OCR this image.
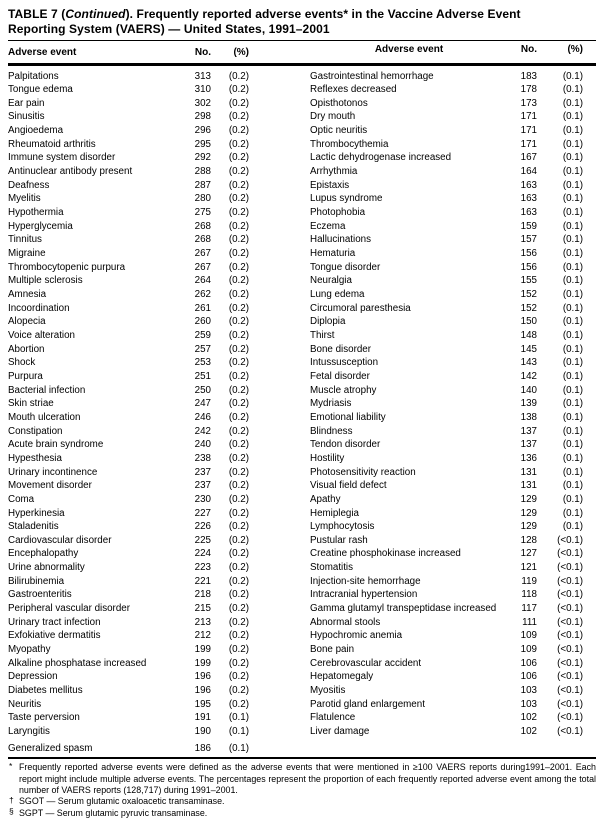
TABLE 7 (Continued). Frequently reported adverse events* in the Vaccine Adverse Event
Reporting System (VAERS) — United States, 1991–2001
Adverse event	No.	(%)	Adverse event	No.	(%)
Palpitations	313	(0.2)
Tongue edema	310	(0.2)
Ear pain	302	(0.2)
Sinusitis	298	(0.2)
Angioedema	296	(0.2)
Rheumatoid arthritis	295	(0.2)
Immune system disorder	292	(0.2)
Antinuclear antibody present	288	(0.2)
Deafness	287	(0.2)
Myelitis	280	(0.2)
Hypothermia	275	(0.2)
Hyperglycemia	268	(0.2)
Tinnitus	268	(0.2)
Migraine	267	(0.2)
Thrombocytopenic purpura	267	(0.2)
Multiple sclerosis	264	(0.2)
Amnesia	262	(0.2)
Incoordination	261	(0.2)
Alopecia	260	(0.2)
Voice alteration	259	(0.2)
Abortion	257	(0.2)
Shock	253	(0.2)
Purpura	251	(0.2)
Bacterial infection	250	(0.2)
Skin striae	247	(0.2)
Mouth ulceration	246	(0.2)
Constipation	242	(0.2)
Acute brain syndrome	240	(0.2)
Hypesthesia	238	(0.2)
Urinary incontinence	237	(0.2)
Movement disorder	237	(0.2)
Coma	230	(0.2)
Hyperkinesia	227	(0.2)
Staladenitis	226	(0.2)
Cardiovascular disorder	225	(0.2)
Encephalopathy	224	(0.2)
Urine abnormality	223	(0.2)
Bilirubinemia	221	(0.2)
Gastroenteritis	218	(0.2)
Peripheral vascular disorder	215	(0.2)
Urinary tract infection	213	(0.2)
Exfokiative dermatitis	212	(0.2)
Myopathy	199	(0.2)
Alkaline phosphatase increased	199	(0.2)
Depression	196	(0.2)
Diabetes mellitus	196	(0.2)
Neuritis	195	(0.2)
Taste perversion	191	(0.1)
Laryngitis	190	(0.1)
Generalized spasm	186	(0.1)
Gastrointestinal hemorrhage	183	(0.1)
Reflexes decreased	178	(0.1)
Opisthotonos	173	(0.1)
Dry mouth	171	(0.1)
Optic neuritis	171	(0.1)
Thrombocythemia	171	(0.1)
Lactic dehydrogenase increased	167	(0.1)
Arrhythmia	164	(0.1)
Epistaxis	163	(0.1)
Lupus syndrome	163	(0.1)
Photophobia	163	(0.1)
Eczema	159	(0.1)
Hallucinations	157	(0.1)
Hematuria	156	(0.1)
Tongue disorder	156	(0.1)
Neuralgia	155	(0.1)
Lung edema	152	(0.1)
Circumoral paresthesia	152	(0.1)
Diplopia	150	(0.1)
Thirst	148	(0.1)
Bone disorder	145	(0.1)
Intussusception	143	(0.1)
Fetal disorder	142	(0.1)
Muscle atrophy	140	(0.1)
Mydriasis	139	(0.1)
Emotional liability	138	(0.1)
Blindness	137	(0.1)
Tendon disorder	137	(0.1)
Hostility	136	(0.1)
Photosensitivity reaction	131	(0.1)
Visual field defect	131	(0.1)
Apathy	129	(0.1)
Hemiplegia	129	(0.1)
Lymphocytosis	129	(0.1)
Pustular rash	128	(<0.1)
Creatine phosphokinase increased	127	(<0.1)
Stomatitis	121	(<0.1)
Injection-site hemorrhage	119	(<0.1)
Intracranial hypertension	118	(<0.1)
Gamma glutamyl transpeptidase increased	117	(<0.1)
Abnormal stools	111	(<0.1)
Hypochromic anemia	109	(<0.1)
Bone pain	109	(<0.1)
Cerebrovascular accident	106	(<0.1)
Hepatomegaly	106	(<0.1)
Myositis	103	(<0.1)
Parotid gland enlargement	103	(<0.1)
Flatulence	102	(<0.1)
Liver damage	102	(<0.1)
* Frequently reported adverse events were defined as the adverse events that were mentioned in ≥100 VAERS reports during1991–2001. Each report might include multiple adverse events. The percentages represent the proportion of each frequently reported adverse event among the total number of VAERS reports (128,717) during 1991–2001.
† SGOT — Serum glutamic oxaloacetic transaminase.
§ SGPT — Serum glutamic pyruvic transaminase.
